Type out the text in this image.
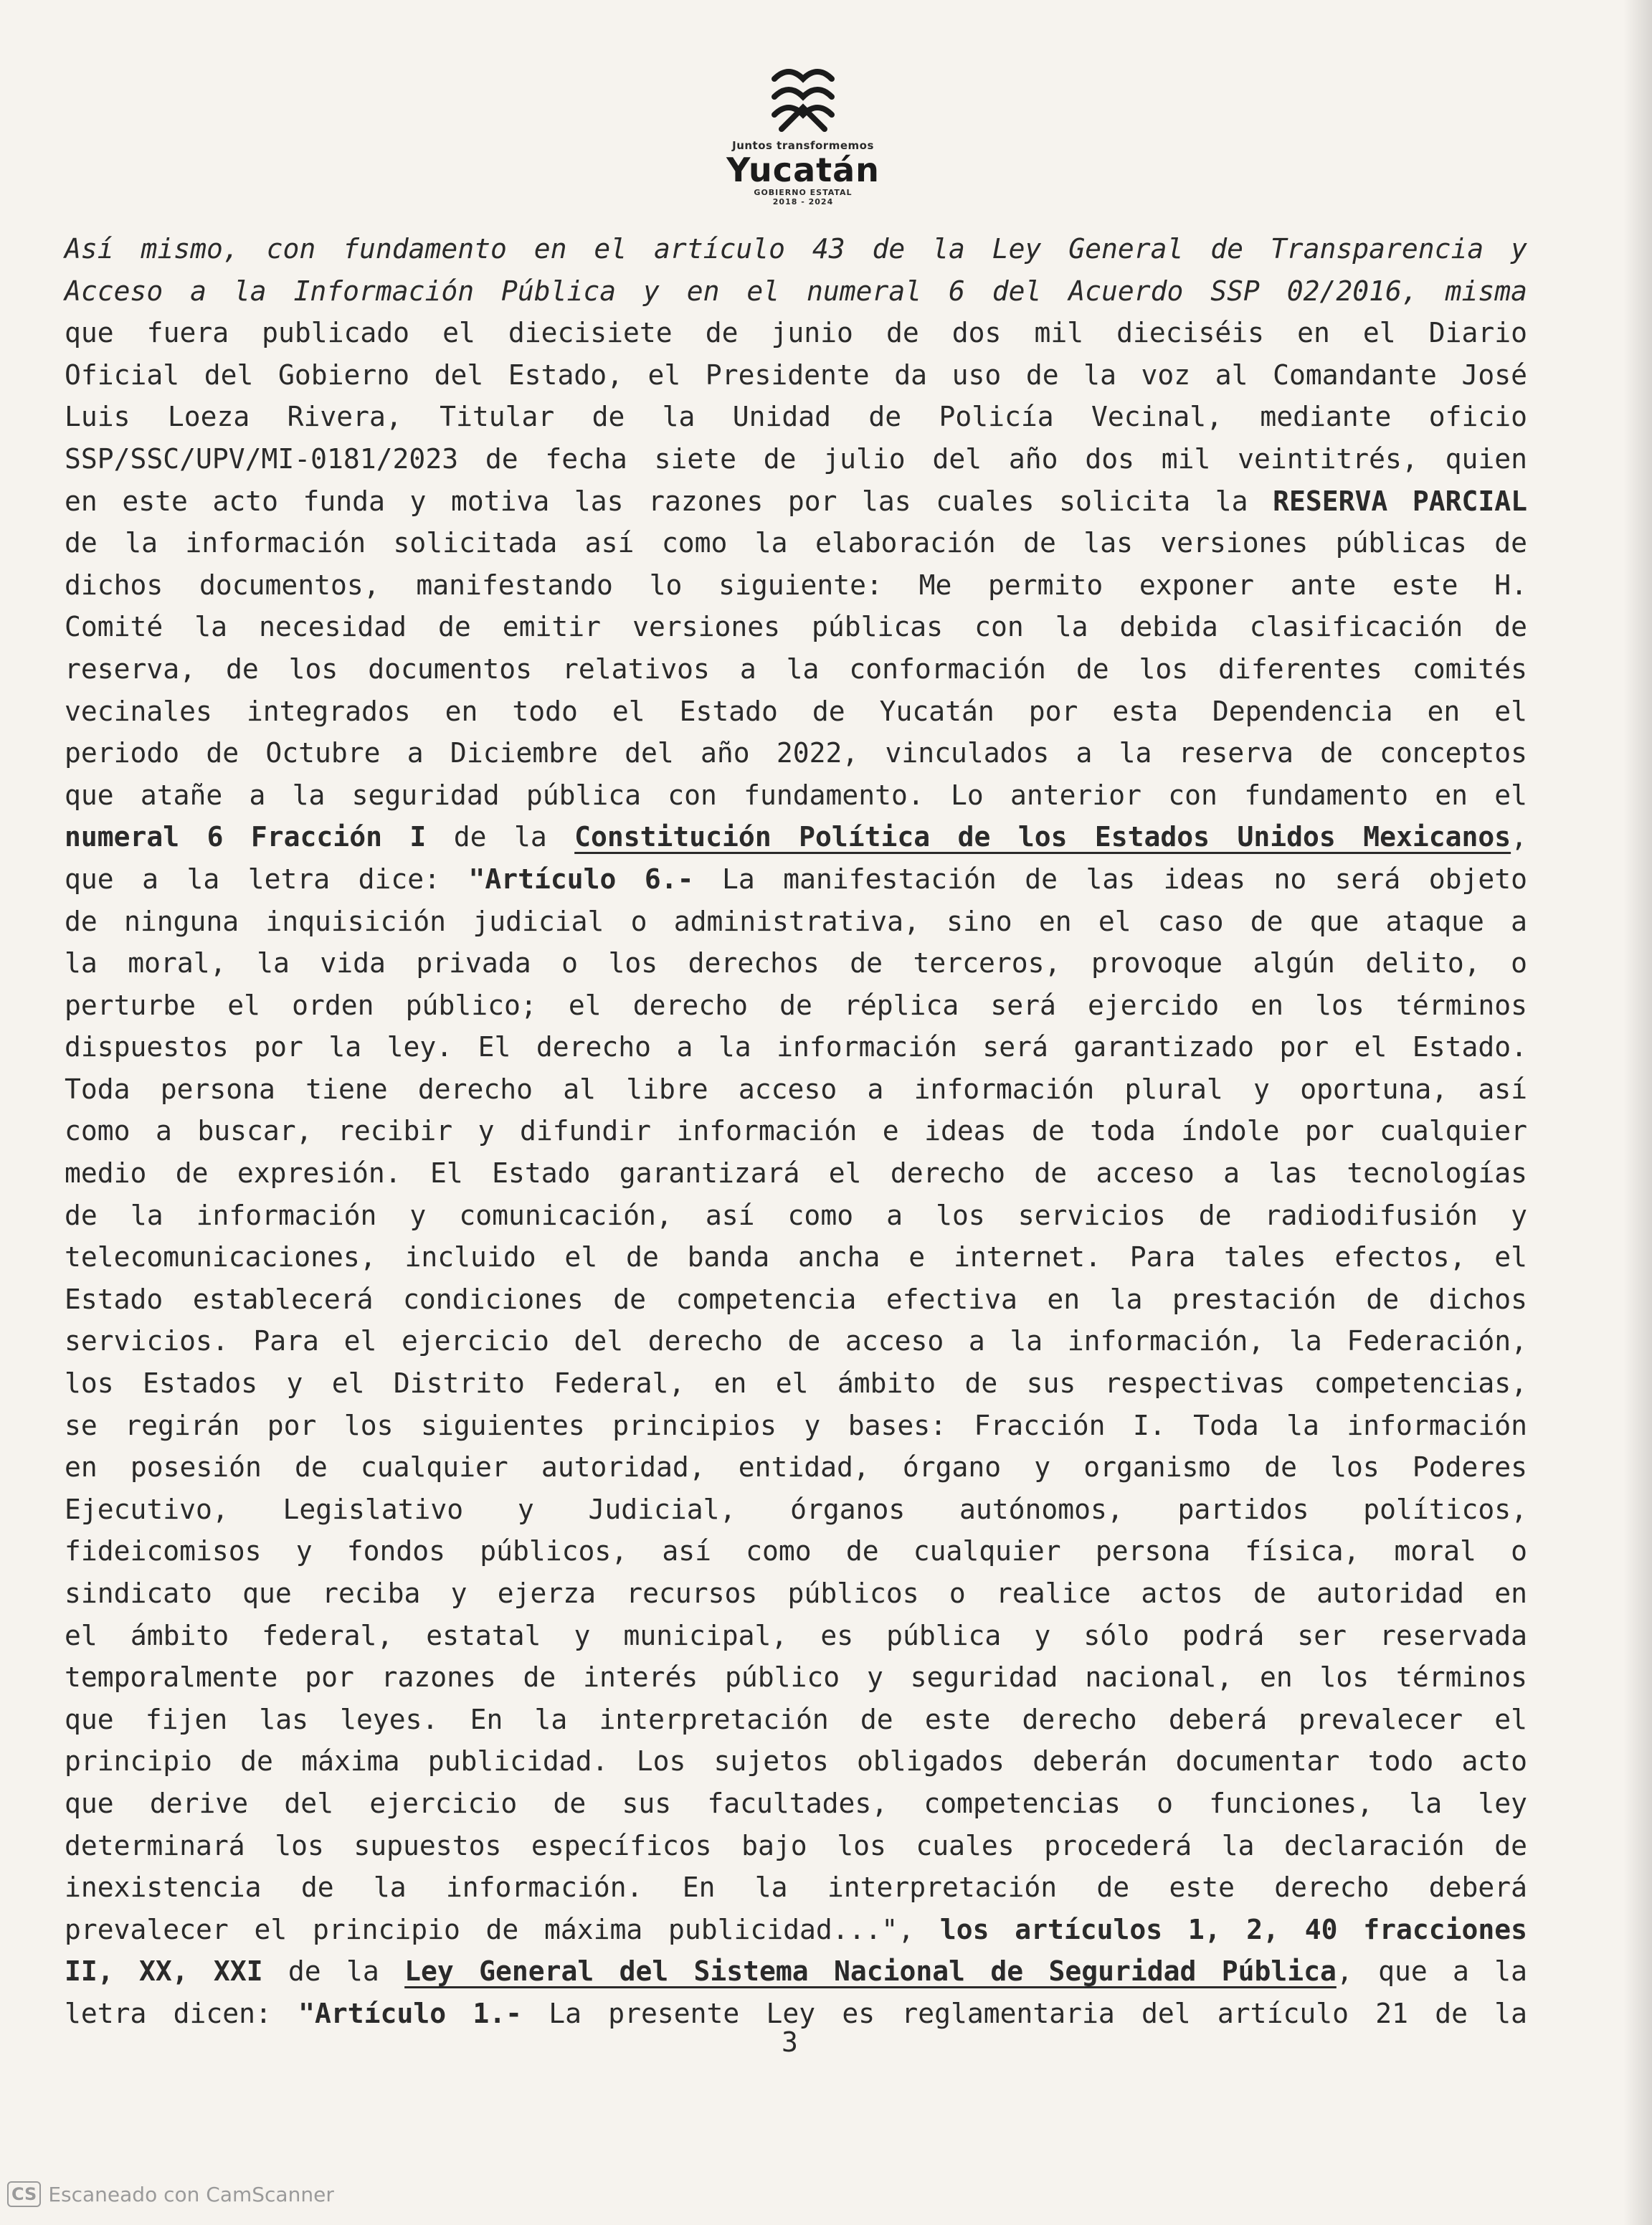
Juntos transformemos
Yucatán
GOBIERNO ESTATAL
2018 - 2024
Así mismo, con fundamento en el artículo 43 de la Ley General de Transparencia y
Acceso a la Información Pública y en el numeral 6 del Acuerdo SSP 02/2016, misma
que fuera publicado el diecisiete de junio de dos mil dieciséis en el Diario
Oficial del Gobierno del Estado, el Presidente da uso de la voz al Comandante José
Luis Loeza Rivera, Titular de la Unidad de Policía Vecinal, mediante oficio
SSP/SSC/UPV/MI-0181/2023 de fecha siete de julio del año dos mil veintitrés, quien
en este acto funda y motiva las razones por las cuales solicita la RESERVA PARCIAL
de la información solicitada así como la elaboración de las versiones públicas de
dichos documentos, manifestando lo siguiente: Me permito exponer ante este H.
Comité la necesidad de emitir versiones públicas con la debida clasificación de
reserva, de los documentos relativos a la conformación de los diferentes comités
vecinales integrados en todo el Estado de Yucatán por esta Dependencia en el
periodo de Octubre a Diciembre del año 2022, vinculados a la reserva de conceptos
que atañe a la seguridad pública con fundamento. Lo anterior con fundamento en el
numeral 6 Fracción I de la Constitución Política de los Estados Unidos Mexicanos,
que a la letra dice: "Artículo 6.- La manifestación de las ideas no será objeto
de ninguna inquisición judicial o administrativa, sino en el caso de que ataque a
la moral, la vida privada o los derechos de terceros, provoque algún delito, o
perturbe el orden público; el derecho de réplica será ejercido en los términos
dispuestos por la ley. El derecho a la información será garantizado por el Estado.
Toda persona tiene derecho al libre acceso a información plural y oportuna, así
como a buscar, recibir y difundir información e ideas de toda índole por cualquier
medio de expresión. El Estado garantizará el derecho de acceso a las tecnologías
de la información y comunicación, así como a los servicios de radiodifusión y
telecomunicaciones, incluido el de banda ancha e internet. Para tales efectos, el
Estado establecerá condiciones de competencia efectiva en la prestación de dichos
servicios. Para el ejercicio del derecho de acceso a la información, la Federación,
los Estados y el Distrito Federal, en el ámbito de sus respectivas competencias,
se regirán por los siguientes principios y bases: Fracción I. Toda la información
en posesión de cualquier autoridad, entidad, órgano y organismo de los Poderes
Ejecutivo, Legislativo y Judicial, órganos autónomos, partidos políticos,
fideicomisos y fondos públicos, así como de cualquier persona física, moral o
sindicato que reciba y ejerza recursos públicos o realice actos de autoridad en
el ámbito federal, estatal y municipal, es pública y sólo podrá ser reservada
temporalmente por razones de interés público y seguridad nacional, en los términos
que fijen las leyes. En la interpretación de este derecho deberá prevalecer el
principio de máxima publicidad. Los sujetos obligados deberán documentar todo acto
que derive del ejercicio de sus facultades, competencias o funciones, la ley
determinará los supuestos específicos bajo los cuales procederá la declaración de
inexistencia de la información. En la interpretación de este derecho deberá
prevalecer el principio de máxima publicidad...", los artículos 1, 2, 40 fracciones
II, XX, XXI de la Ley General del Sistema Nacional de Seguridad Pública, que a la
letra dicen: "Artículo 1.- La presente Ley es reglamentaria del artículo 21 de la
3
CS Escaneado con CamScanner
